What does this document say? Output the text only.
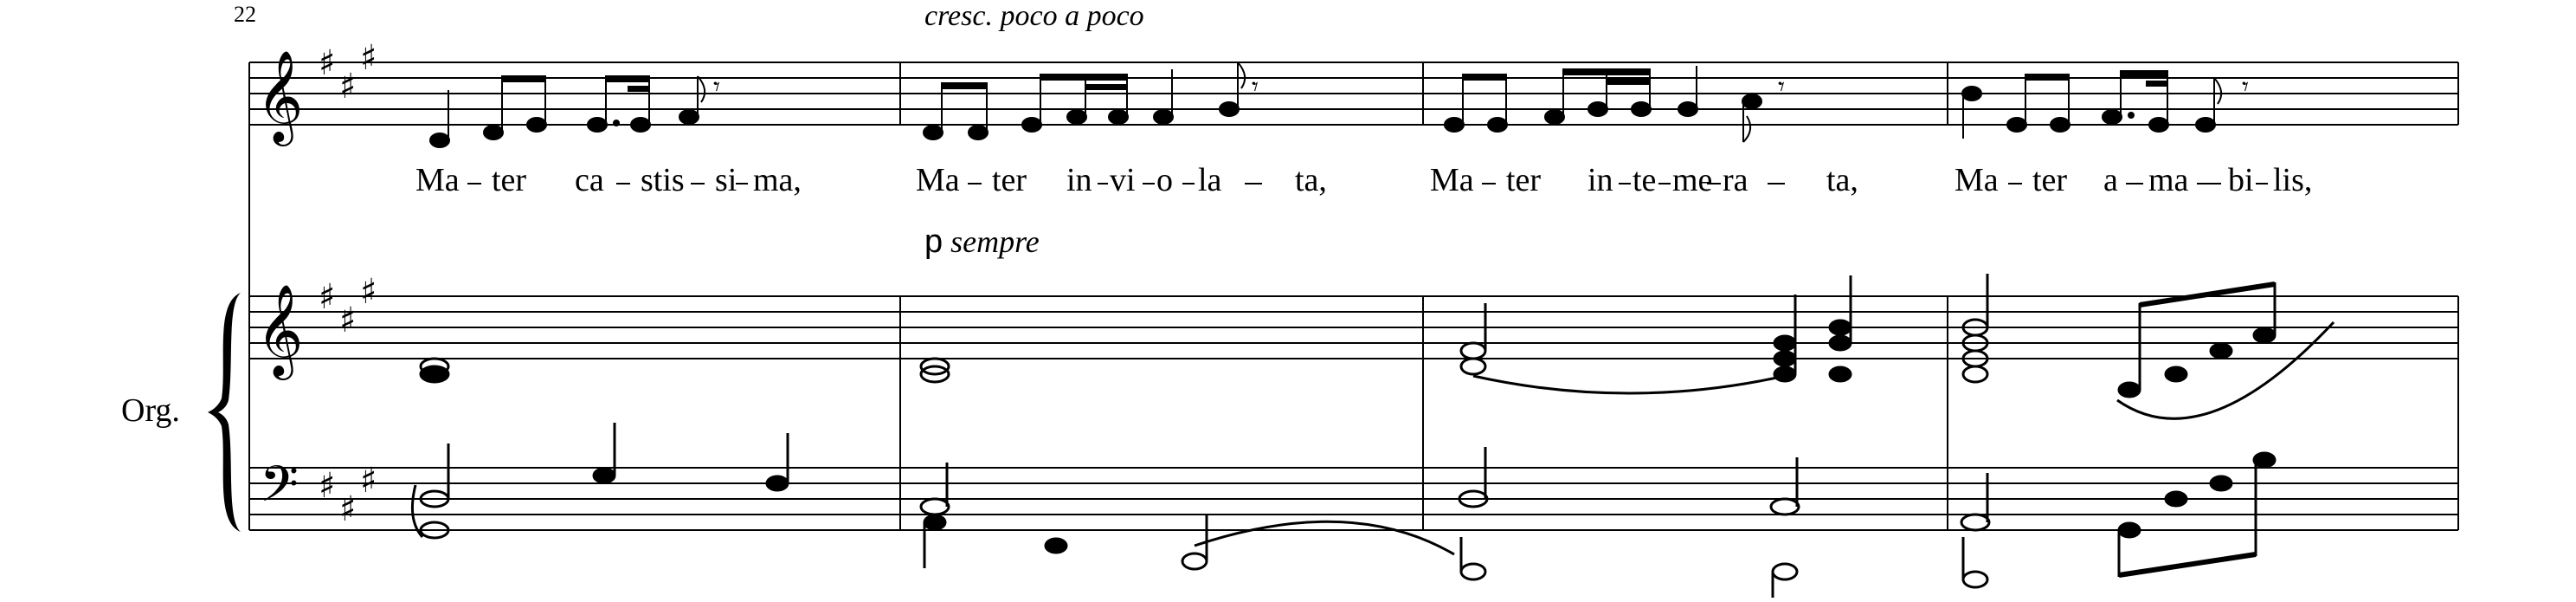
𝄞
𝄞
𝄢
♯
♯
♯
♯
♯
♯
♯
♯
♯
𝄾	𝄾	𝄾	𝄾
22	cresc. poco a poco
p sempre
Org.
Ma ter ca stis si ma,	Ma ter in vi o la ta,	Ma ter in te me ra ta,	Ma ter a ma bi lis,
